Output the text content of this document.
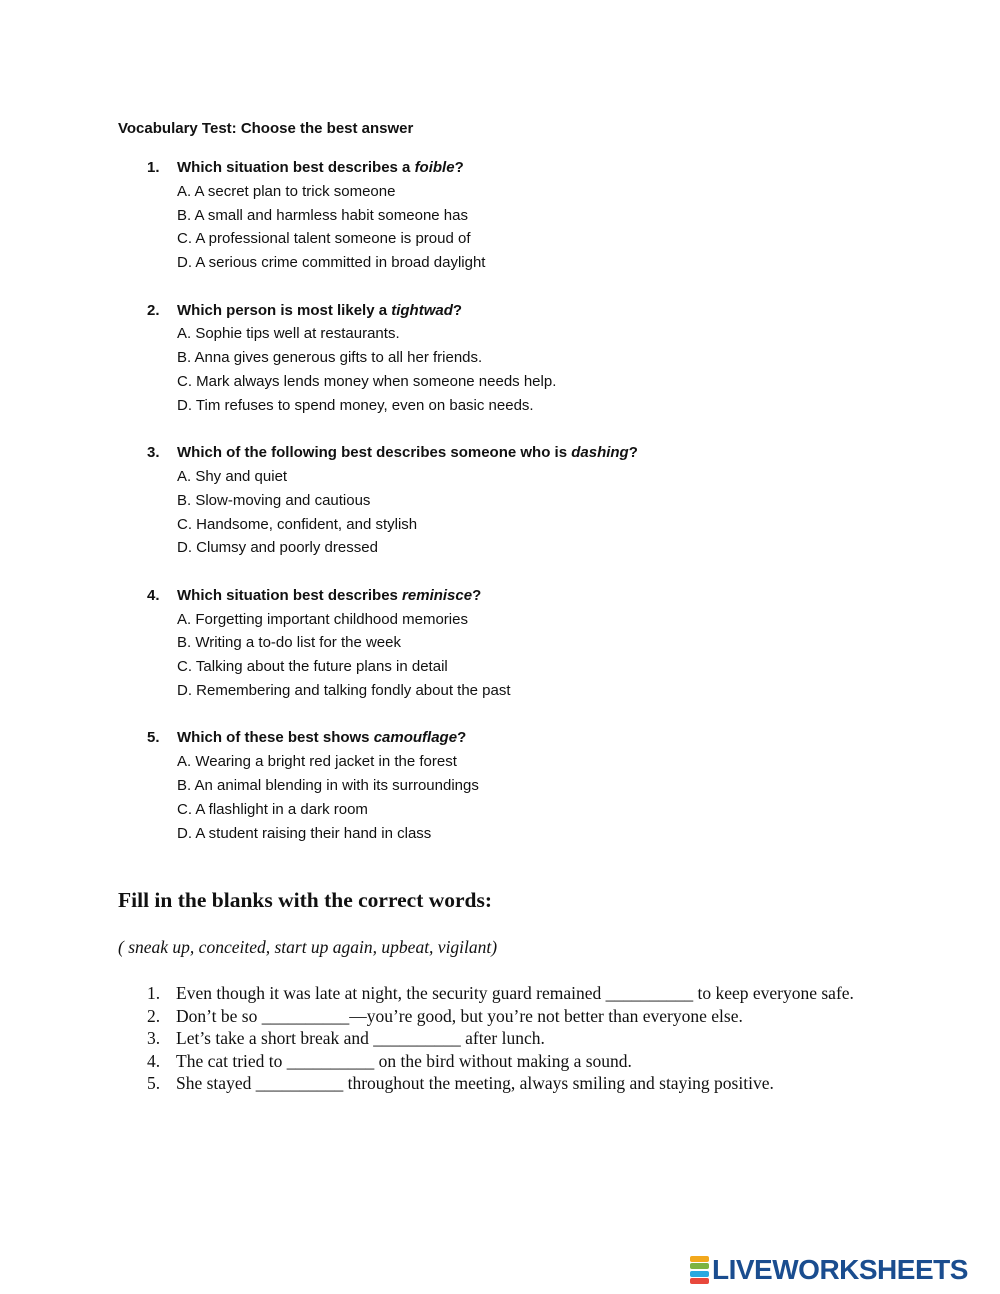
Vocabulary Test: Choose the best answer
1.	Which situation best describes a foible?
A. A secret plan to trick someone
B. A small and harmless habit someone has
C. A professional talent someone is proud of
D. A serious crime committed in broad daylight
2.	Which person is most likely a tightwad?
A. Sophie tips well at restaurants.
B. Anna gives generous gifts to all her friends.
C. Mark always lends money when someone needs help.
D. Tim refuses to spend money, even on basic needs.
3.	Which of the following best describes someone who is dashing?
A. Shy and quiet
B. Slow-moving and cautious
C. Handsome, confident, and stylish
D. Clumsy and poorly dressed
4.	Which situation best describes reminisce?
A. Forgetting important childhood memories
B. Writing a to-do list for the week
C. Talking about the future plans in detail
D. Remembering and talking fondly about the past
5.	Which of these best shows camouflage?
A. Wearing a bright red jacket in the forest
B. An animal blending in with its surroundings
C. A flashlight in a dark room
D. A student raising their hand in class
Fill in the blanks with the correct words:
( sneak up, conceited, start up again, upbeat, vigilant)
1. Even though it was late at night, the security guard remained __________ to keep everyone safe.
2. Don’t be so __________—you’re good, but you’re not better than everyone else.
3. Let’s take a short break and __________ after lunch.
4. The cat tried to __________ on the bird without making a sound.
5. She stayed __________ throughout the meeting, always smiling and staying positive.
LIVEWORKSHEETS
